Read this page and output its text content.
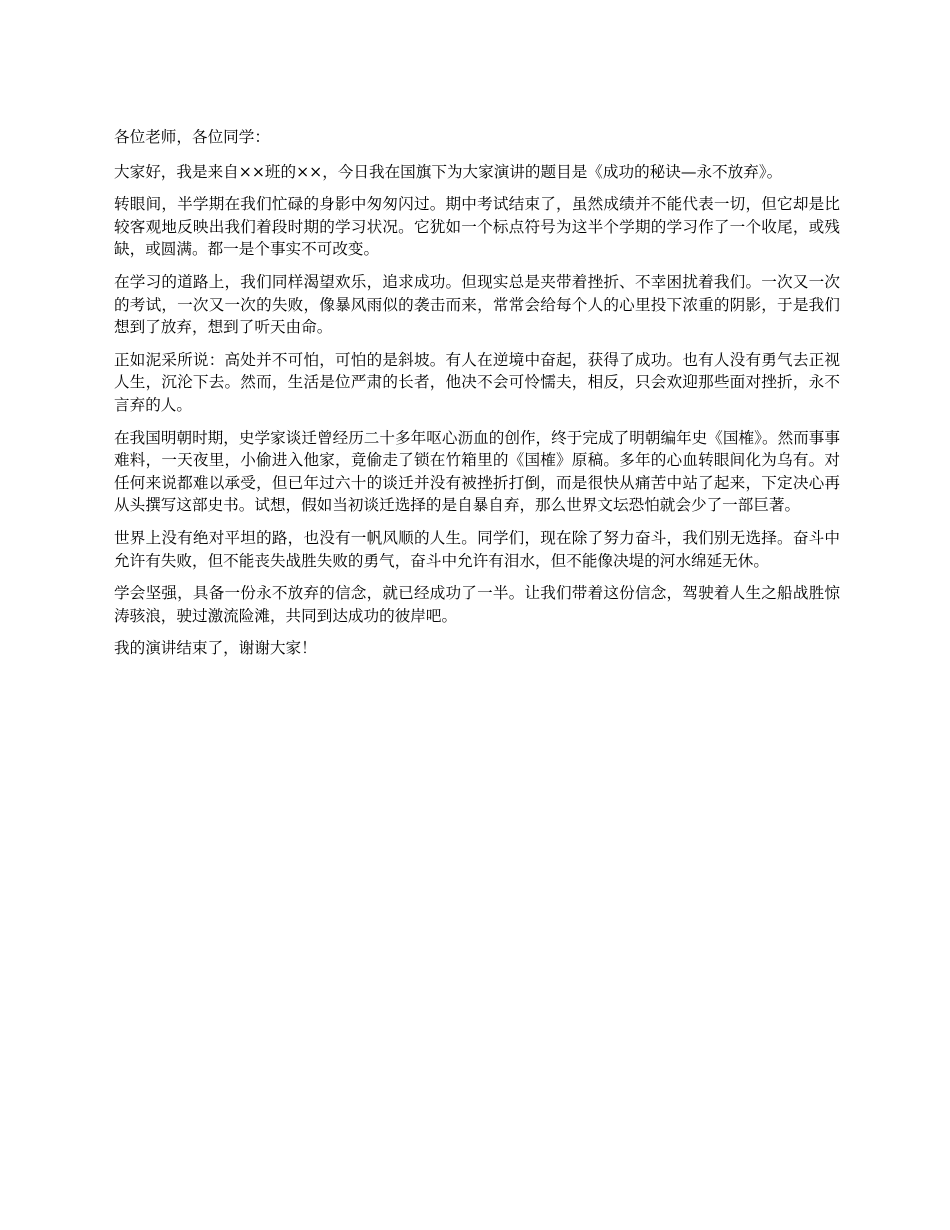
各位老师，各位同学：

大家好，我是来自××班的××，今日我在国旗下为大家演讲的题目是《成功的秘诀—永不放弃》。

转眼间，半学期在我们忙碌的身影中匆匆闪过。期中考试结束了，虽然成绩并不能代表一切，但它却是比较客观地反映出我们着段时期的学习状况。它犹如一个标点符号为这半个学期的学习作了一个收尾，或残缺，或圆满。都一是个事实不可改变。

在学习的道路上，我们同样渴望欢乐，追求成功。但现实总是夹带着挫折、不幸困扰着我们。一次又一次的考试，一次又一次的失败，像暴风雨似的袭击而来，常常会给每个人的心里投下浓重的阴影，于是我们想到了放弃，想到了听天由命。

正如泥采所说：高处并不可怕，可怕的是斜坡。有人在逆境中奋起，获得了成功。也有人没有勇气去正视人生，沉沦下去。然而，生活是位严肃的长者，他决不会可怜懦夫，相反，只会欢迎那些面对挫折，永不言弃的人。

在我国明朝时期，史学家谈迁曾经历二十多年呕心沥血的创作，终于完成了明朝编年史《国榷》。然而事事难料，一天夜里，小偷进入他家，竟偷走了锁在竹箱里的《国榷》原稿。多年的心血转眼间化为乌有。对任何来说都难以承受，但已年过六十的谈迁并没有被挫折打倒，而是很快从痛苦中站了起来，下定决心再从头撰写这部史书。试想，假如当初谈迁选择的是自暴自弃，那么世界文坛恐怕就会少了一部巨著。

世界上没有绝对平坦的路，也没有一帆风顺的人生。同学们，现在除了努力奋斗，我们别无选择。奋斗中允许有失败，但不能丧失战胜失败的勇气，奋斗中允许有泪水，但不能像决堤的河水绵延无休。

学会坚强，具备一份永不放弃的信念，就已经成功了一半。让我们带着这份信念，驾驶着人生之船战胜惊涛骇浪，驶过激流险滩，共同到达成功的彼岸吧。

我的演讲结束了，谢谢大家！
